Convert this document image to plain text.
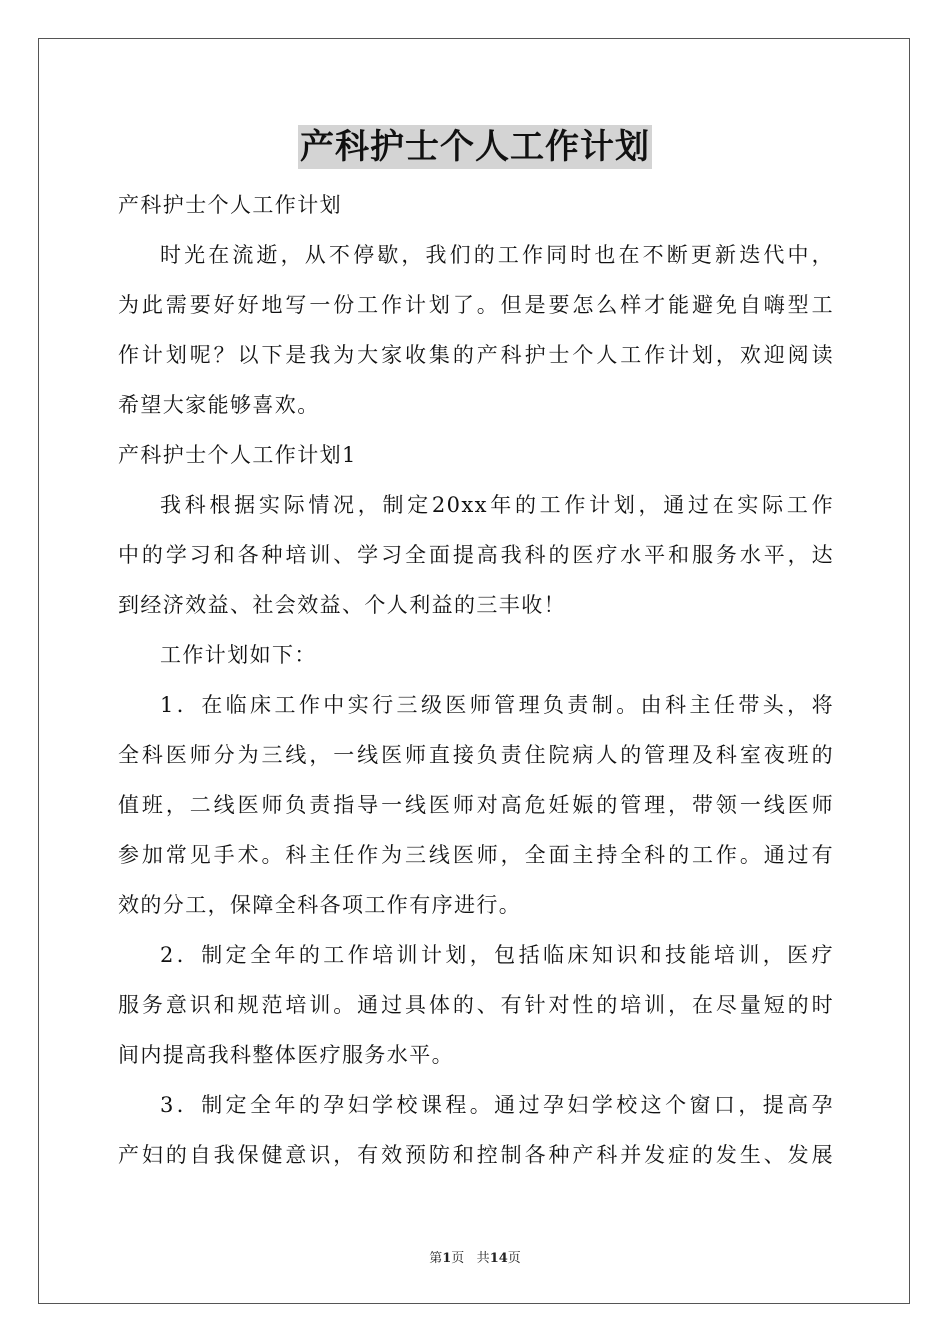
产科护士个人工作计划
产科护士个人工作计划
时光在流逝，从不停歇，我们的工作同时也在不断更新迭代中，
为此需要好好地写一份工作计划了。但是要怎么样才能避免自嗨型工
作计划呢？以下是我为大家收集的产科护士个人工作计划，欢迎阅读
希望大家能够喜欢。
产科护士个人工作计划1
我科根据实际情况，制定20xx年的工作计划，通过在实际工作
中的学习和各种培训、学习全面提高我科的医疗水平和服务水平，达
到经济效益、社会效益、个人利益的三丰收！
工作计划如下：
1．在临床工作中实行三级医师管理负责制。由科主任带头，将
全科医师分为三线，一线医师直接负责住院病人的管理及科室夜班的
值班，二线医师负责指导一线医师对高危妊娠的管理，带领一线医师
参加常见手术。科主任作为三线医师，全面主持全科的工作。通过有
效的分工，保障全科各项工作有序进行。
2．制定全年的工作培训计划，包括临床知识和技能培训，医疗
服务意识和规范培训。通过具体的、有针对性的培训，在尽量短的时
间内提高我科整体医疗服务水平。
3．制定全年的孕妇学校课程。通过孕妇学校这个窗口，提高孕
产妇的自我保健意识，有效预防和控制各种产科并发症的发生、发展
第1页 共14页
